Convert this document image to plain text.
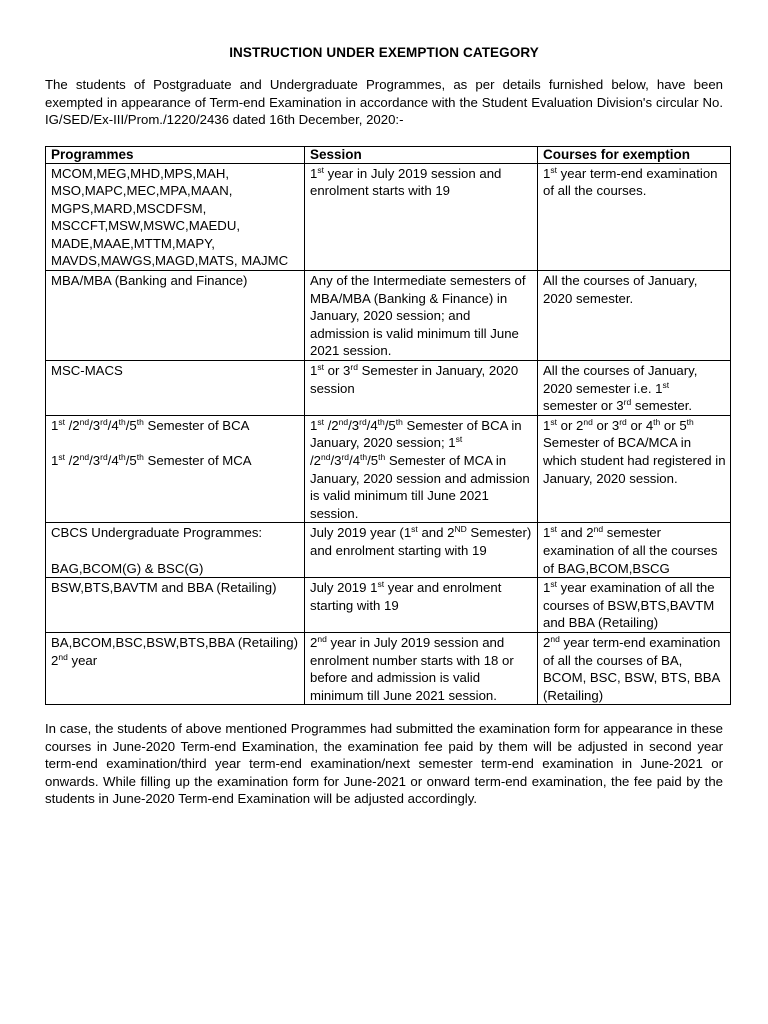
INSTRUCTION UNDER EXEMPTION CATEGORY

The students of Postgraduate and Undergraduate Programmes, as per details furnished below, have been exempted in appearance of Term-end Examination in accordance with the Student Evaluation Division's circular No. IG/SED/Ex-III/Prom./1220/2436 dated 16th December, 2020:-

Programmes	Session	Courses for exemption
MCOM,MEG,MHD,MPS,MAH, MSO,MAPC,MEC,MPA,MAAN, MGPS,MARD,MSCDFSM, MSCCFT,MSW,MSWC,MAEDU, MADE,MAAE,MTTM,MAPY, MAVDS,MAWGS,MAGD,MATS, MAJMC	1st year in July 2019 session and enrolment starts with 19	1st year term-end examination of all the courses.
MBA/MBA (Banking and Finance)	Any of the Intermediate semesters of MBA/MBA (Banking & Finance) in January, 2020 session; and admission is valid minimum till June 2021 session.	All the courses of January, 2020 semester.
MSC-MACS	1st or 3rd Semester in January, 2020 session	All the courses of January, 2020 semester i.e. 1st semester or 3rd semester.

1st /2nd/3rd/4th/5th Semester of BCA
1st /2nd/3rd/4th/5th Semester of MCA	1st /2nd/3rd/4th/5th Semester of BCA in January, 2020 session; 1st /2nd/3rd/4th/5th Semester of MCA in January, 2020 session and admission is valid minimum till June 2021 session.	1st or 2nd or 3rd or 4th or 5th Semester of BCA/MCA in which student had registered in January, 2020 session.

CBCS Undergraduate Programmes:
BAG,BCOM(G) & BSC(G)	July 2019 year (1st and 2ND Semester) and enrolment starting with 19	1st and 2nd semester examination of all the courses of BAG,BCOM,BSCG
BSW,BTS,BAVTM and BBA (Retailing)	July 2019 1st year and enrolment starting with 19	1st year examination of all the courses of BSW,BTS,BAVTM and BBA (Retailing)
BA,BCOM,BSC,BSW,BTS,BBA (Retailing) 2nd year	2nd year in July 2019 session and enrolment number starts with 18 or before and admission is valid minimum till June 2021 session.	2nd year term-end examination of all the courses of BA, BCOM, BSC, BSW, BTS, BBA (Retailing)

In case, the students of above mentioned Programmes had submitted the examination form for appearance in these courses in June-2020 Term-end Examination, the examination fee paid by them will be adjusted in second year term-end examination/third year term-end examination/next semester term-end examination in June-2021 or onwards. While filling up the examination form for June-2021 or onward term-end examination, the fee paid by the students in June-2020 Term-end Examination will be adjusted accordingly.
